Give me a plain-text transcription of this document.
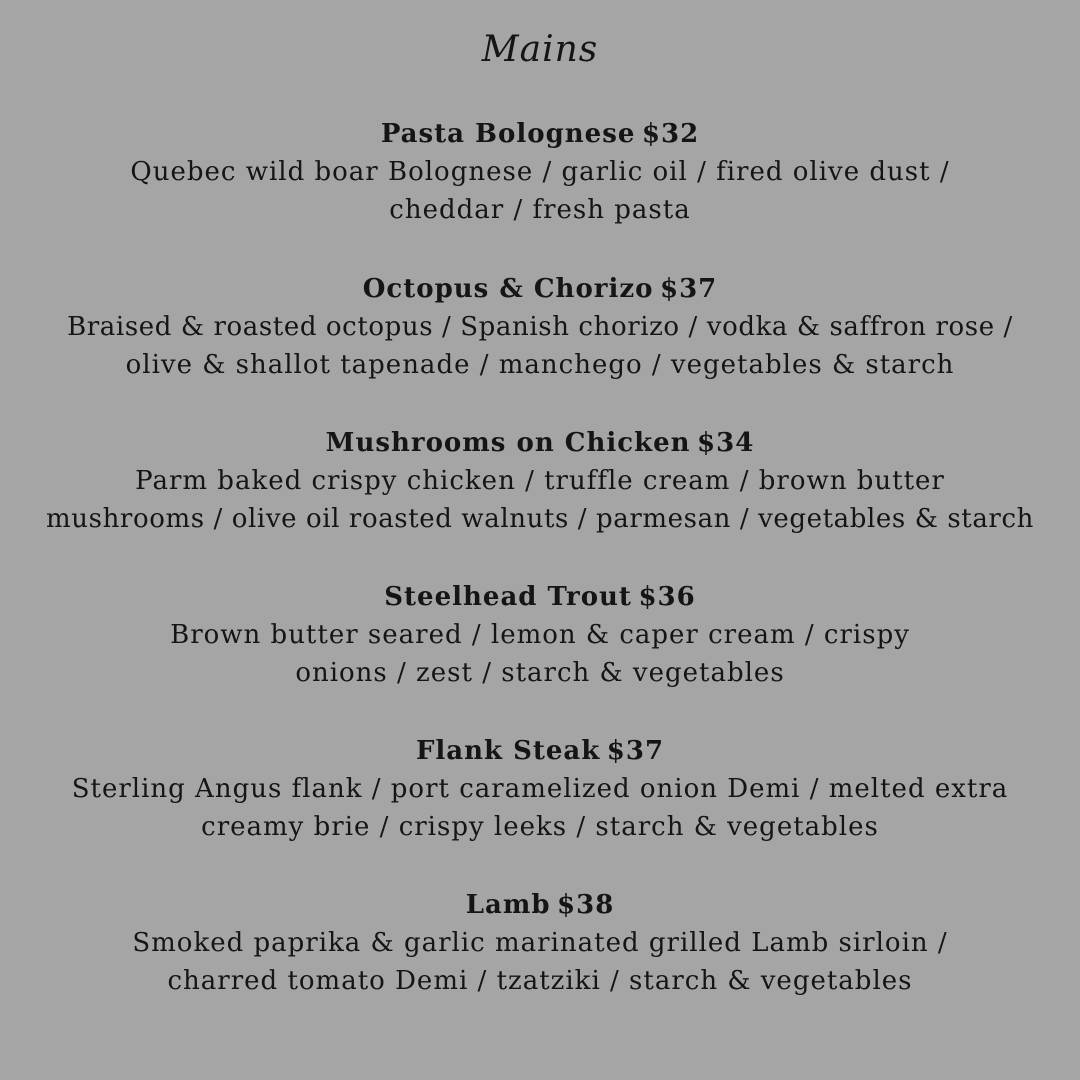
Mains
Pasta Bolognese $32

Quebec wild boar Bolognese / garlic oil / fired olive dust /

cheddar / fresh pasta

Octopus & Chorizo $37

Braised & roasted octopus / Spanish chorizo / vodka & saffron rose /

olive & shallot tapenade / manchego / vegetables & starch

Mushrooms on Chicken $34

Parm baked crispy chicken / truffle cream / brown butter

mushrooms / olive oil roasted walnuts / parmesan / vegetables & starch

Steelhead Trout $36

Brown butter seared / lemon & caper cream / crispy

onions / zest / starch & vegetables

Flank Steak $37

Sterling Angus flank / port caramelized onion Demi / melted extra

creamy brie / crispy leeks / starch & vegetables

Lamb $38

Smoked paprika & garlic marinated grilled Lamb sirloin /

charred tomato Demi / tzatziki / starch & vegetables
